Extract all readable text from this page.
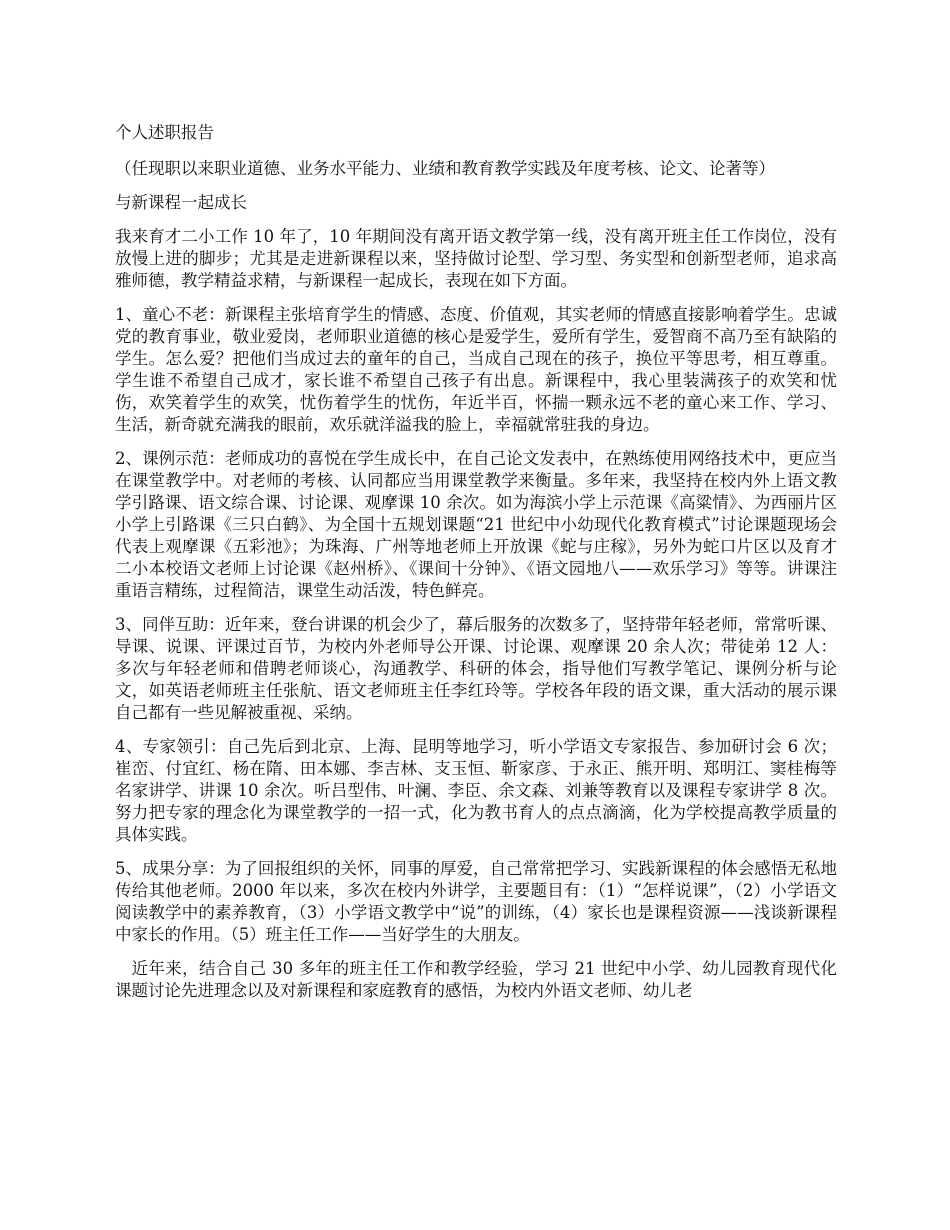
个人述职报告

（任现职以来职业道德、业务水平能力、业绩和教育教学实践及年度考核、论文、论著等）

与新课程一起成长

我来育才二小工作 10 年了，10 年期间没有离开语文教学第一线，没有离开班主任工作岗位，没有放慢上进的脚步；尤其是走进新课程以来，坚持做讨论型、学习型、务实型和创新型老师，追求高雅师德，教学精益求精，与新课程一起成长，表现在如下方面。

1、童心不老：新课程主张培育学生的情感、态度、价值观，其实老师的情感直接影响着学生。忠诚党的教育事业，敬业爱岗，老师职业道德的核心是爱学生，爱所有学生，爱智商不高乃至有缺陷的学生。怎么爱？把他们当成过去的童年的自己，当成自己现在的孩子，换位平等思考，相互尊重。学生谁不希望自己成才，家长谁不希望自己孩子有出息。新课程中，我心里装满孩子的欢笑和忧伤，欢笑着学生的欢笑，忧伤着学生的忧伤，年近半百，怀揣一颗永远不老的童心来工作、学习、生活，新奇就充满我的眼前，欢乐就洋溢我的脸上，幸福就常驻我的身边。

2、课例示范：老师成功的喜悦在学生成长中，在自己论文发表中，在熟练使用网络技术中，更应当在课堂教学中。对老师的考核、认同都应当用课堂教学来衡量。多年来，我坚持在校内外上语文教学引路课、语文综合课、讨论课、观摩课 10 余次。如为海滨小学上示范课《高粱情》、为西丽片区小学上引路课《三只白鹤》、为全国十五规划课题“21 世纪中小幼现代化教育模式”讨论课题现场会代表上观摩课《五彩池》；为珠海、广州等地老师上开放课《蛇与庄稼》，另外为蛇口片区以及育才二小本校语文老师上讨论课《赵州桥》、《课间十分钟》、《语文园地八——欢乐学习》等等。讲课注重语言精练，过程简洁，课堂生动活泼，特色鲜亮。

3、同伴互助：近年来，登台讲课的机会少了，幕后服务的次数多了，坚持带年轻老师，常常听课、导课、说课、评课过百节，为校内外老师导公开课、讨论课、观摩课 20 余人次；带徒弟 12 人：多次与年轻老师和借聘老师谈心，沟通教学、科研的体会，指导他们写教学笔记、课例分析与论文，如英语老师班主任张航、语文老师班主任李红玲等。学校各年段的语文课，重大活动的展示课自己都有一些见解被重视、采纳。

4、专家领引：自己先后到北京、上海、昆明等地学习，听小学语文专家报告、参加研讨会 6 次；崔峦、付宜红、杨在隋、田本娜、李吉林、支玉恒、靳家彦、于永正、熊开明、郑明江、窦桂梅等名家讲学、讲课 10 余次。听吕型伟、叶澜、李臣、余文森、刘兼等教育以及课程专家讲学 8 次。努力把专家的理念化为课堂教学的一招一式，化为教书育人的点点滴滴，化为学校提高教学质量的具体实践。

5、成果分享：为了回报组织的关怀，同事的厚爱，自己常常把学习、实践新课程的体会感悟无私地传给其他老师。2000 年以来，多次在校内外讲学，主要题目有：（1）“怎样说课”，（2）小学语文阅读教学中的素养教育，（3）小学语文教学中“说”的训练，（4）家长也是课程资源——浅谈新课程中家长的作用。（5）班主任工作——当好学生的大朋友。

近年来，结合自己 30 多年的班主任工作和教学经验，学习 21 世纪中小学、幼儿园教育现代化课题讨论先进理念以及对新课程和家庭教育的感悟，为校内外语文老师、幼儿老
